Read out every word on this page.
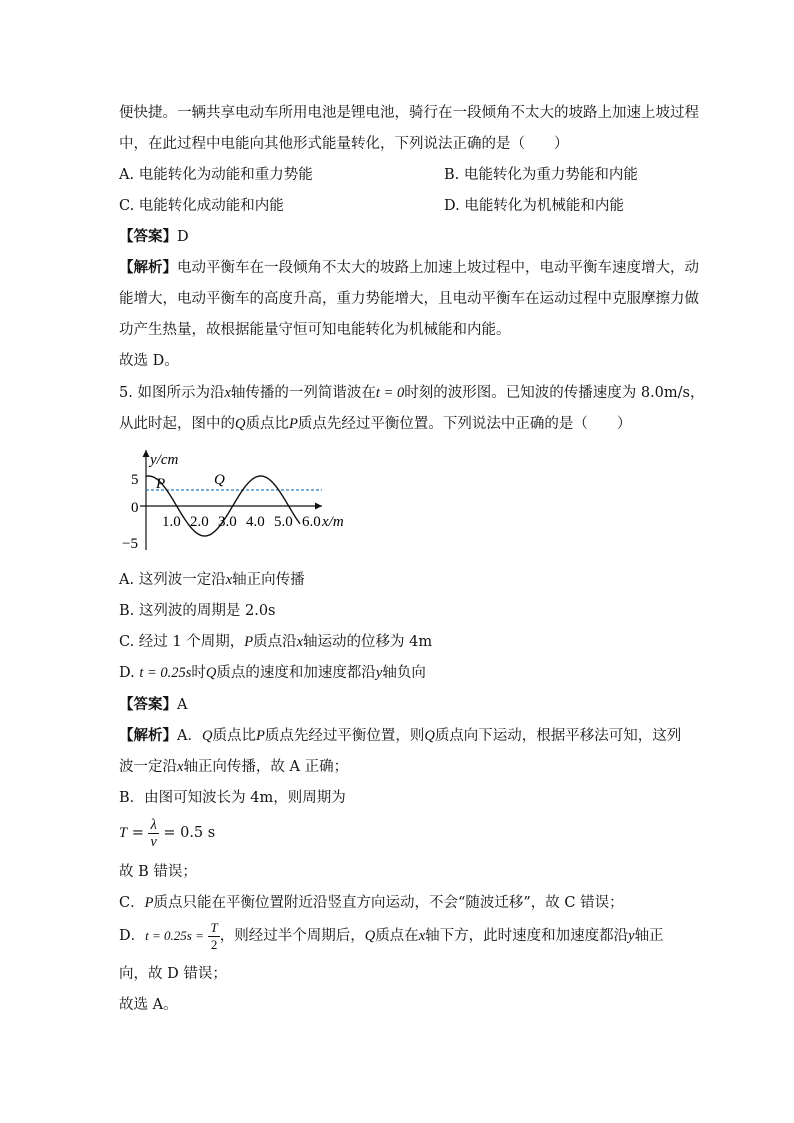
便快捷。一辆共享电动车所用电池是锂电池，骑行在一段倾角不太大的坡路上加速上坡过程
中，在此过程中电能向其他形式能量转化，下列说法正确的是（　　）
A. 电能转化为动能和重力势能	B. 电能转化为重力势能和内能
C. 电能转化成动能和内能	D. 电能转化为机械能和内能
【答案】D
【解析】电动平衡车在一段倾角不太大的坡路上加速上坡过程中，电动平衡车速度增大，动
能增大，电动平衡车的高度升高，重力势能增大，且电动平衡车在运动过程中克服摩擦力做
功产生热量，故根据能量守恒可知电能转化为机械能和内能。
故选 D。
5. 如图所示为沿x轴传播的一列简谐波在t = 0时刻的波形图。已知波的传播速度为 8.0m/s，
从此时起，图中的Q质点比P质点先经过平衡位置。下列说法中正确的是（　　）
y/cm
x/m
5
0
−5
P	Q
1.0 2.0 3.0 4.0 5.0 6.0
A. 这列波一定沿x轴正向传播
B. 这列波的周期是 2.0s
C. 经过 1 个周期，P质点沿x轴运动的位移为 4m
D. t = 0.25s时Q质点的速度和加速度都沿y轴负向
【答案】A
【解析】A．Q质点比P质点先经过平衡位置，则Q质点向下运动，根据平移法可知，这列
波一定沿x轴正向传播，故 A 正确；
B．由图可知波长为 4m，则周期为
$T = \frac{\lambda}{v} = 0.5$ s
故 B 错误；
C．P质点只能在平衡位置附近沿竖直方向运动，不会“随波迁移”，故 C 错误；
D．$t = 0.25s = \frac{T}{2}$ ，则经过半个周期后，Q质点在x轴下方，此时速度和加速度都沿y轴正
向，故 D 错误；
故选 A。
